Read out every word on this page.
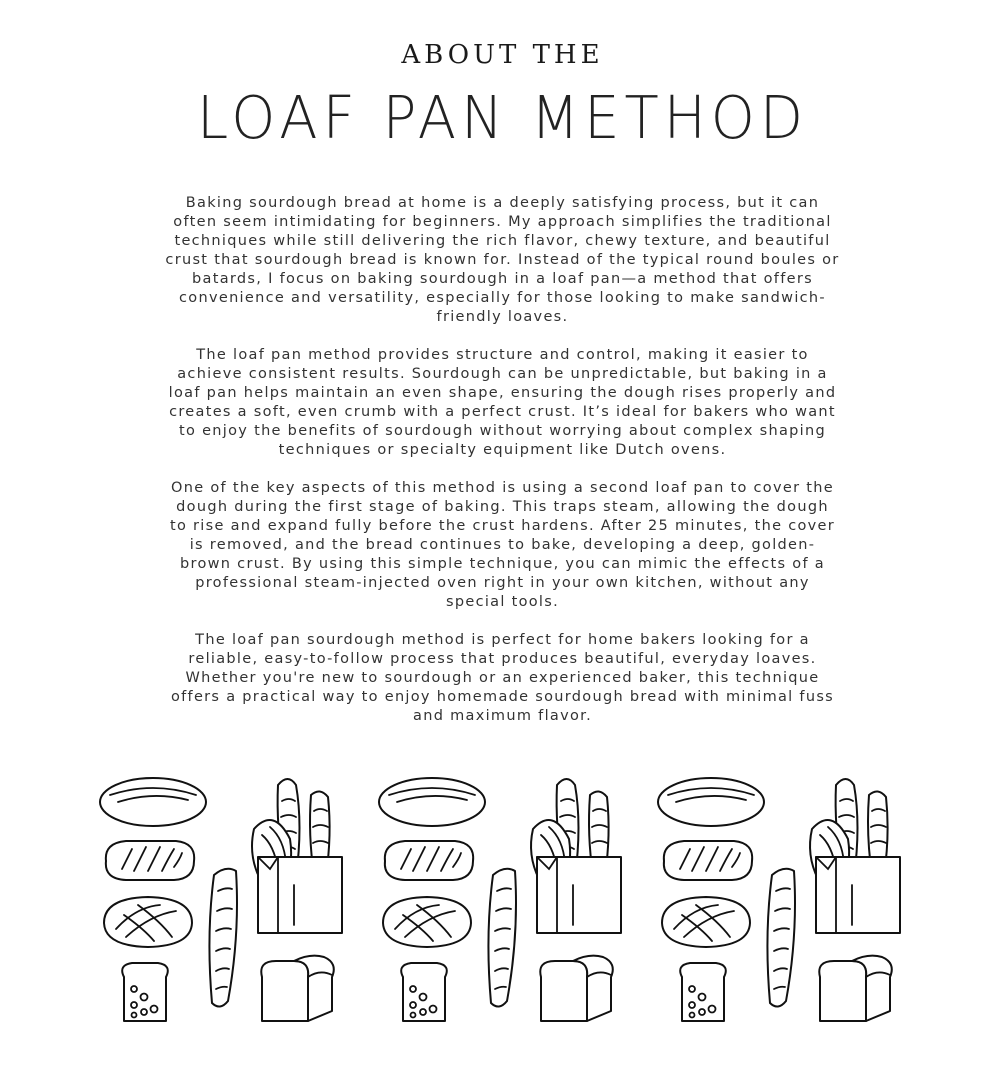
ABOUT THE
LOAF PAN METHOD

Baking sourdough bread at home is a deeply satisfying process, but it can often seem intimidating for beginners. My approach simplifies the traditional techniques while still delivering the rich flavor, chewy texture, and beautiful crust that sourdough bread is known for. Instead of the typical round boules or batards, I focus on baking sourdough in a loaf pan—a method that offers convenience and versatility, especially for those looking to make sandwich-friendly loaves.

The loaf pan method provides structure and control, making it easier to achieve consistent results. Sourdough can be unpredictable, but baking in a loaf pan helps maintain an even shape, ensuring the dough rises properly and creates a soft, even crumb with a perfect crust. It’s ideal for bakers who want to enjoy the benefits of sourdough without worrying about complex shaping techniques or specialty equipment like Dutch ovens.

One of the key aspects of this method is using a second loaf pan to cover the dough during the first stage of baking. This traps steam, allowing the dough to rise and expand fully before the crust hardens. After 25 minutes, the cover is removed, and the bread continues to bake, developing a deep, golden-brown crust. By using this simple technique, you can mimic the effects of a professional steam-injected oven right in your own kitchen, without any special tools.

The loaf pan sourdough method is perfect for home bakers looking for a reliable, easy-to-follow process that produces beautiful, everyday loaves. Whether you're new to sourdough or an experienced baker, this technique offers a practical way to enjoy homemade sourdough bread with minimal fuss and maximum flavor.
